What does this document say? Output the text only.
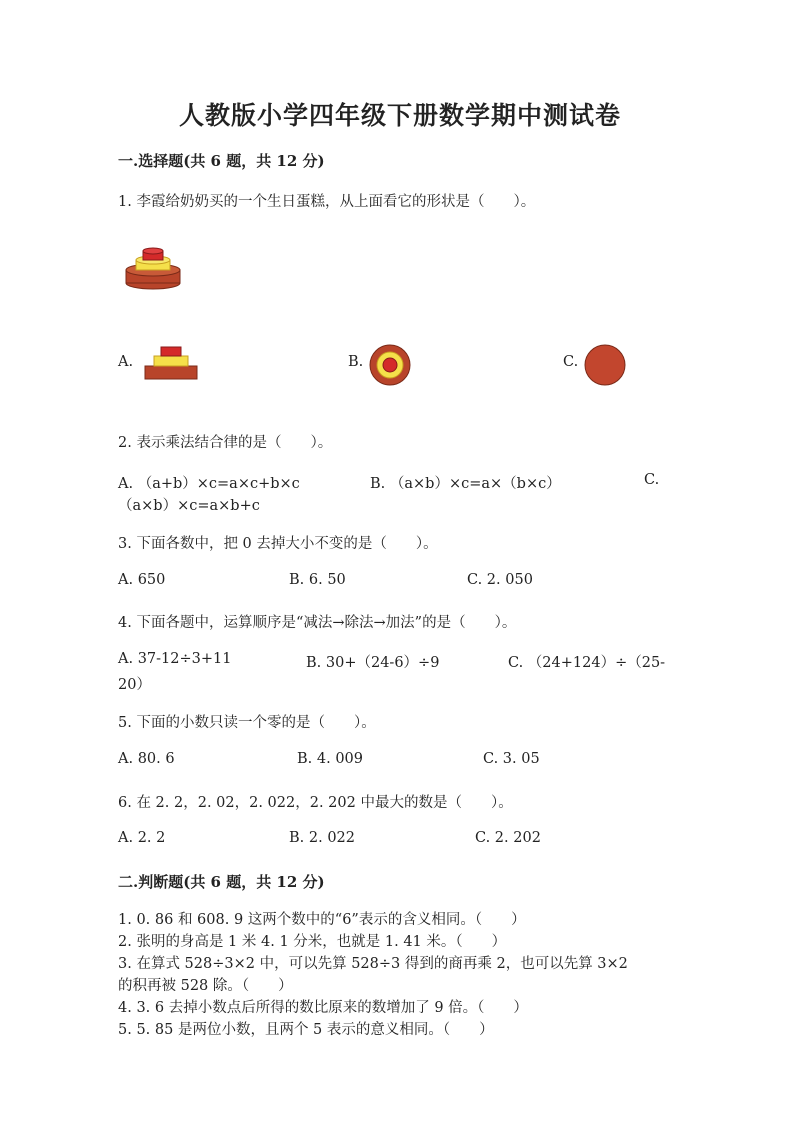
人教版小学四年级下册数学期中测试卷
一.选择题(共 6 题，共 12 分)
1. 李霞给奶奶买的一个生日蛋糕，从上面看它的形状是（　　）。
A.	B.	C.
2. 表示乘法结合律的是（　　）。
A. （a+b）×c=a×c+b×c	B. （a×b）×c=a×（b×c）	C.
（a×b）×c=a×b+c
3. 下面各数中，把 0 去掉大小不变的是（　　）。
A. 650	B. 6. 50	C. 2. 050
4. 下面各题中，运算顺序是“减法→除法→加法”的是（　　）。
A. 37-12÷3+11	B. 30+（24-6）÷9	C. （24+124）÷（25-
20）
5. 下面的小数只读一个零的是（　　）。
A. 80. 6	B. 4. 009	C. 3. 05
6. 在 2. 2，2. 02，2. 022，2. 202 中最大的数是（　　）。
A. 2. 2	B. 2. 022	C. 2. 202
二.判断题(共 6 题，共 12 分)
1. 0. 86 和 608. 9 这两个数中的“6”表示的含义相同。（　　）
2. 张明的身高是 1 米 4. 1 分米，也就是 1. 41 米。（　　）
3. 在算式 528÷3×2 中，可以先算 528÷3 得到的商再乘 2，也可以先算 3×2
的积再被 528 除。（　　）
4. 3. 6 去掉小数点后所得的数比原来的数增加了 9 倍。（　　）
5. 5. 85 是两位小数，且两个 5 表示的意义相同。（　　）
